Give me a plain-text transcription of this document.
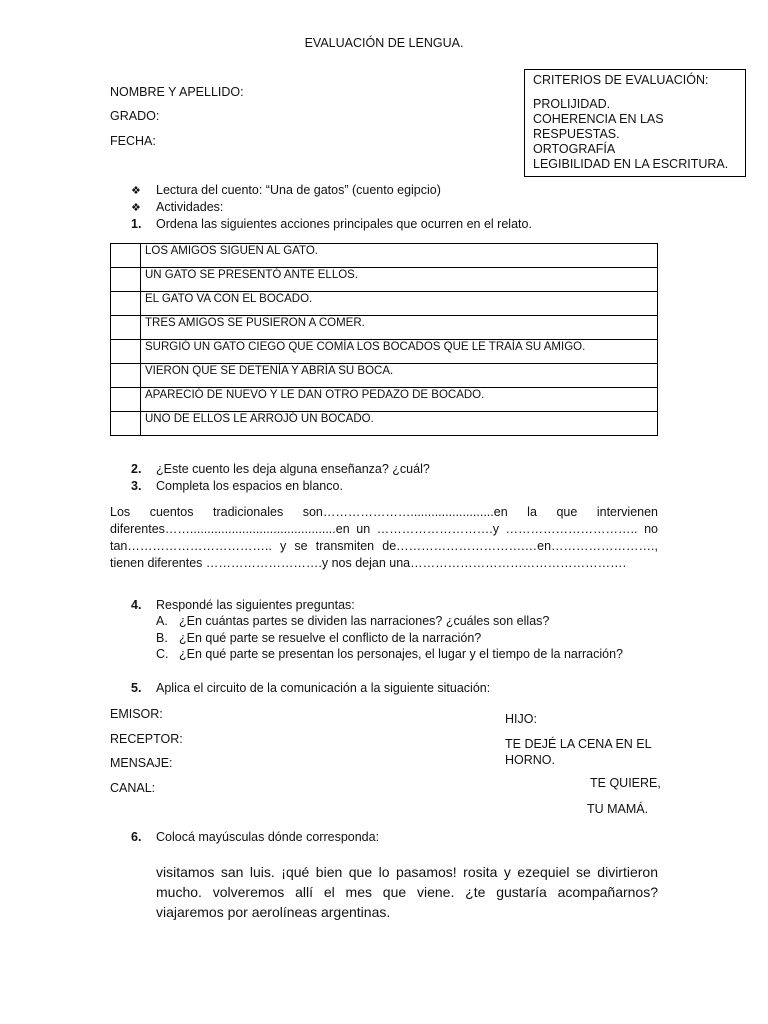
EVALUACIÓN DE LENGUA.
NOMBRE Y APELLIDO:
GRADO:
FECHA:
CRITERIOS DE EVALUACIÓN:
PROLIJIDAD.
COHERENCIA EN LAS
RESPUESTAS.
ORTOGRAFÍA
LEGIBILIDAD EN LA ESCRITURA.
❖	Lectura del cuento: “Una de gatos” (cuento egipcio)
❖	Actividades:
1.	Ordena las siguientes acciones principales que ocurren en el relato.
	LOS AMIGOS SIGUEN AL GATO.
	UN GATO SE PRESENTÓ ANTE ELLOS.
	EL GATO VA CON EL BOCADO.
	TRES AMIGOS SE PUSIERON A COMER.
	SURGIÓ UN GATO CIEGO QUE COMÍA LOS BOCADOS QUE LE TRAÍA SU AMIGO.
	VIERON QUE SE DETENÍA Y ABRÍA SU BOCA.
	APARECIÓ DE NUEVO Y LE DAN OTRO PEDAZO DE BOCADO.
	UNO DE ELLOS LE ARROJÓ UN BOCADO.
2.	¿Este cuento les deja alguna enseñanza? ¿cuál?
3.	Completa los espacios en blanco.
Los cuentos tradicionales son…………………........................en la que intervienen diferentes……..........................................en un ……………………….y ………………………….. no tan…………………………….. y se transmiten de………………………….…en……………………., tienen diferentes ……………………….y nos dejan una…………………………………………….
4.	Respondé las siguientes preguntas:
A. ¿En cuántas partes se dividen las narraciones? ¿cuáles son ellas?
B. ¿En qué parte se resuelve el conflicto de la narración?
C. ¿En qué parte se presentan los personajes, el lugar y el tiempo de la narración?
5.	Aplica el circuito de la comunicación a la siguiente situación:
EMISOR:
RECEPTOR:
MENSAJE:
CANAL:
HIJO:
TE DEJÉ LA CENA EN EL
HORNO.
TE QUIERE,
TU MAMÁ.
6.	Colocá mayúsculas dónde corresponda:
visitamos san luis. ¡qué bien que lo pasamos! rosita y ezequiel se divirtieron mucho. volveremos allí el mes que viene. ¿te gustaría acompañarnos? viajaremos por aerolíneas argentinas.
